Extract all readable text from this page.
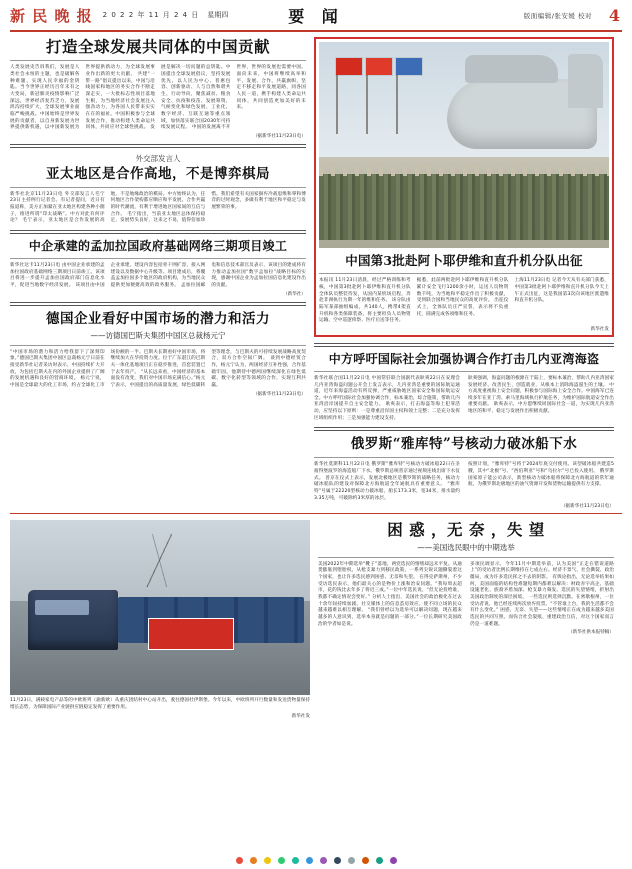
新 民 晚 报 2 0 2 2 年 11 月 2 4 日 星期四	要 闻	版面编辑/张安媛 校对 4
打造全球发展共同体的中国贡献
人类发展史告诉我们，发展是人类社会永恒的主题，也是破解各种难题、实现人民幸福的金钥匙。当今世界正经历百年未有之大变局，新冠肺炎疫情影响广泛深远，世界经济复苏乏力，发展鸿沟持续扩大，全球发展事业面临严峻挑战。中国始终是世界发展的贡献者，以自身新发展为世界提供新机遇，以中国新发展为世界提供新动力，为全球发展事业作出新的更大贡献。 共建“一带一路”倡议提出以来，中国与沿线国家和地区的务实合作不断走深走实，一大批标志性项目落地生根，为当地经济社会发展注入强劲动力，为各国人民带来实实在在的福祉。中国积极参与全球发展合作，推动构建人类命运共同体，共同应对全球性挑战。 发展是解决一切问题的总钥匙。中国提出全球发展倡议，坚持发展优先、以人民为中心、普惠包容、创新驱动、人与自然和谐共生、行动导向，聚焦减贫、粮食安全、抗疫和疫苗、发展筹资、气候变化和绿色发展、工业化、数字经济、互联互通等重点领域，加快落实联合国2030年可持续发展议程。 中国的发展离不开世界，世界的发展也需要中国。面向未来，中国将继续高举和平、发展、合作、共赢旗帜，坚定不移走和平发展道路，同各国人民一道，携手构建人类命运共同体，共同创造更加美好的未来。
（据新华社11月23日电）
外交部发言人
亚太地区是合作高地，不是博弈棋局
新华社北京11月23日电 外交部发言人毛宁23日主持例行记者会。有记者提问，近日有报道称，美方正加紧在亚太地区构建各种小圈子，推进所谓“印太战略”。中方对此有何评论？ 毛宁表示，亚太地区是合作发展的高地，不是地缘政治的棋局。中方始终认为，任何地区合作架构都应顺应和平发展、合作共赢的时代潮流，有利于增进地区国家间的互信与合作。 毛宁指出，当前亚太地区总体保持稳定，发展势头良好，这来之不易，值得倍加珍惜。我们希望有关国家摒弃冷战思维和零和博弈的过时观念，多做有利于地区和平稳定与发展繁荣的事。
中企承建的孟加拉国政府基础网络三期项目竣工
新华社达卡11月23日电 由中国企业承建的孟加拉国政府基础网络三期项目日前竣工。该项目将进一步提升孟加拉国政府部门信息化水平，促进当地数字经济发展。 该项目由中国企业承建，建设内容包括骨干网扩容、接入网建设以及数据中心升级等。项目建成后，将覆盖孟加拉国多个地区的政府机构，为当地民众提供更加便捷高效的政务服务。 孟加拉国邮电和信息技术部官员表示，该项目的建成将有力推动孟加拉国“数字孟加拉”战略目标的实现，感谢中国企业为孟加拉国信息化建设作出的贡献。
（新华社）
德国企业看好中国市场的潜力和活力
——访德国巴斯夫集团中国区总裁杨元宁
“中国市场的潜力和活力给我留下了深刻印象。”德国巴斯夫集团中国区总裁杨元宁日前在接受新华社记者采访时表示，中国持续扩大开放，为包括巴斯夫在内的外国企业提供了广阔的发展机遇和良好的营商环境。 杨元宁说，中国是全球最大的化工市场，约占全球化工市场份额的一半。巴斯夫长期看好中国市场，将继续加大在华投资力度。位于广东湛江的巴斯夫一体化基地项目正在稳步推进，首套装置已于去年投产。 “从长远来看，中国经济的基本面没有改变，我们对中国市场充满信心。”杨元宁表示，中国提出的高质量发展、绿色低碳转型等理念，与巴斯夫的可持续发展战略高度契合，双方合作空间广阔。 谈到中德经贸合作，杨元宁认为，两国经济互补性强，合作基础牢固。他期待中德两国继续深化在绿色低碳、数字化转型等领域的合作，实现互利共赢。
（据新华社11月23日电）
中国第3批赴阿卜耶伊维和直升机分队出征
本报讯 11月23日清晨，经过严格训练和考核，中国第3批赴阿卜耶伊维和直升机分队全体队员整装待发，从国内某机场启程，奔赴非洲执行为期一年的维和任务。 该分队由陆军某部抽组编成，共140人，携带4架直升机和各类保障装备，将主要担负人员物资运输、空中巡逻侦察、医疗后送等任务。
据悉，此前两批赴阿卜耶伊维和直升机分队累计安全飞行1200余小时，运送人员物资数千吨，为当地和平稳定作出了积极贡献，受到联合国和当地民众的高度评价。 出征仪式上，全体队员庄严宣誓，表示将不负重托，圆满完成各项维和任务。
上海11月23日电 记者今天从有关部门获悉，中国第3批赴阿卜耶伊维和直升机分队今天上午正式出征，这是我国第3次向该地区派遣维和直升机分队。
新华社发
中方呼吁国际社会加强协调合作打击几内亚湾海盗
新华社联合国11月22日电 中国常驻联合国副代表耿爽22日在安理会几内亚湾海盗问题公开会上发言表示，几内亚湾是重要的国际航运通道，近年来海盗活动有所反弹，严重威胁地区国家安全和国际航运安全。中方呼吁国际社会加强协调合作，标本兼治，综合施策，帮助几内亚湾沿岸国提升自主安全能力。 耿爽表示，打击海盗等海上犯罪活动，应坚持以下原则：一是尊重沿岸国主权和领土完整；二是充分发挥区域组织作用；三是加强能力建设支持。
耿爽强调，海盗问题的根源在于陆上，要标本兼治，帮助几内亚湾国家发展经济、改善民生、创造就业，从根本上消除海盗滋生的土壤。 中方高度重视海上安全问题，积极参与国际海上安全合作。中国海军已连续多年在亚丁湾、索马里海域执行护航任务，为维护国际航道安全作出重要贡献。 耿爽表示，中方愿继续同国际社会一道，为实现几内亚湾地区的和平、稳定与发展作出积极贡献。
俄罗斯“雅库特”号核动力破冰船下水
新华社莫斯科11月22日电 俄罗斯“雅库特”号核动力破冰船22日在圣彼得堡波罗的海造船厂下水。俄罗斯总统普京通过视频连线出席下水仪式。 普京在仪式上表示，发展北极地区是俄罗斯的战略任务，核动力破冰船队的建设对保障北方海航道全年通航具有重要意义。 “雅库特”号属于22220型核动力破冰船，船长173.3米，宽34米，排水量约3.35万吨，可破除约3米厚的冰层。
按照计划，“雅库特”号将于2024年底交付使用。该型破冰船共建造5艘，其中“北极”号、“西伯利亚”号和“乌拉尔”号已投入使用。 俄罗斯国家原子能公司表示，新型核动力破冰船将保障北方海航道的常年通航，为俄罗斯北极地区的油气资源开发和货物运输提供有力支撑。
（据新华社11月23日电）
11月23日，满载家电产品等的中欧班列（渝新欧）从重庆团结村中心站开出，驶往德国杜伊斯堡。今年以来，中欧班列开行数量和发送货物量保持增长态势，为保障国际产业链供应链稳定发挥了重要作用。
新华社发
困 惑 ，无 奈 ，失 望
——美国选民眼中的中期选举
美国2022年中期选举“靴子”落地，两党选民的情绪却远未平复。从通货膨胀到堕胎权，从枪支暴力到移民政策，一系列尖锐议题撕裂着这个国家，也让许多选民感到困惑、无奈和失望。 在得克萨斯州，不少受访选民表示，他们最关心的是物价上涨和治安问题。“我每周去超市，花的钱比去年多了将近三成。”一位中年选民说，“但无论投给谁，我都不确定情况会变好。” 分析人士指出，美国社会的政治极化在过去十余年间持续加剧。社交媒体上的信息茧房效应，使不同立场的民众越来越难以相互理解。 “我们曾经以为选举可以解决问题，现在越来越多的人意识到，选举本身就是问题的一部分。”一位长期研究美国政治的学者如是说。
多项民调显示，今年11月中期选举前，认为美国“正走在错误道路上”的受访者比例长期维持在七成左右。经济不景气、社会撕裂、政治僵局，成为许多选民挥之不去的阴影。 有舆论指出，无论选举结果如何，美国面临的结构性难题短期内都难以解决：财政赤字高企、基础设施老化、族裔矛盾加深、枪支暴力频发。选民的失望情绪，折射出美国政治制度的深层困境。 一些选民则选择沉默。在密歇根州，一位受访者说，他已经连续两次放弃投票。“不管谁上台，我的生活都不会有什么变化。” 困惑、无奈、失望——这些情绪正在成为越来越多美国选民的共同写照。而弥合社会裂痕、重建政治互信，对这个国家而言仍是一道难题。
（新华社供本报特稿）
